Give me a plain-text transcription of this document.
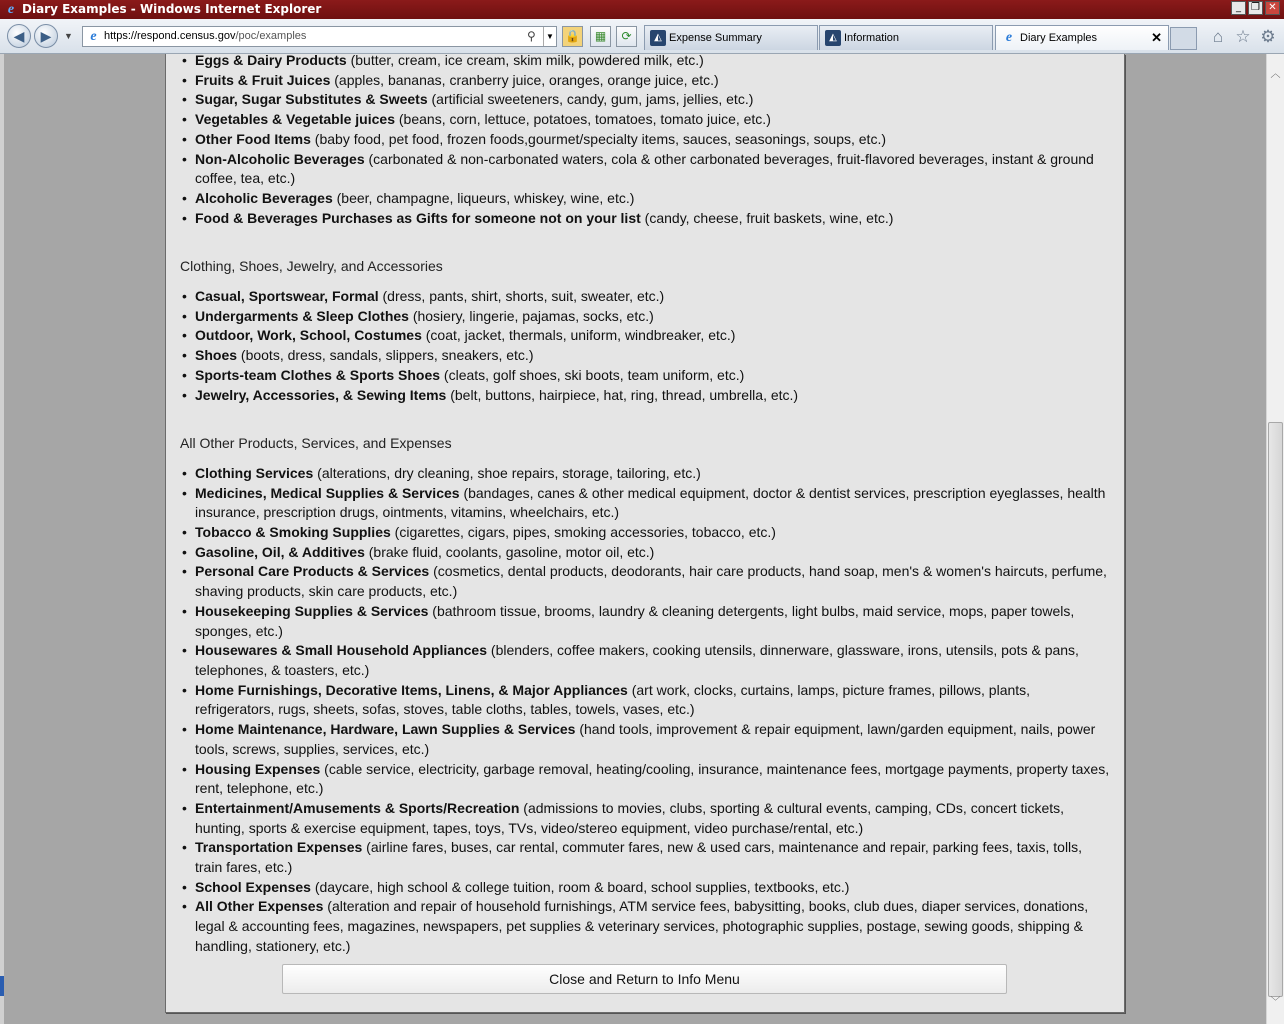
e Diary Examples - Windows Internet Explorer	_	❐ ✕
◀	▶	▼	e https://respond.census.gov/poc/examples	⚲	▼ 🔒	▦	⟳	◭ Expense Summary	◭ Information	e Diary Examples	✕	⌂ ☆ ⚙
• Eggs & Dairy Products (butter, cream, ice cream, skim milk, powdered milk, etc.)
• Fruits & Fruit Juices (apples, bananas, cranberry juice, oranges, orange juice, etc.)
• Sugar, Sugar Substitutes & Sweets (artificial sweeteners, candy, gum, jams, jellies, etc.)
• Vegetables & Vegetable juices (beans, corn, lettuce, potatoes, tomatoes, tomato juice, etc.)
• Other Food Items (baby food, pet food, frozen foods,gourmet/specialty items, sauces, seasonings, soups, etc.)
• Non-Alcoholic Beverages (carbonated & non-carbonated waters, cola & other carbonated beverages, fruit-flavored beverages, instant & ground coffee, tea, etc.)
• Alcoholic Beverages (beer, champagne, liqueurs, whiskey, wine, etc.)
• Food & Beverages Purchases as Gifts for someone not on your list (candy, cheese, fruit baskets, wine, etc.)
Clothing, Shoes, Jewelry, and Accessories
• Casual, Sportswear, Formal (dress, pants, shirt, shorts, suit, sweater, etc.)
• Undergarments & Sleep Clothes (hosiery, lingerie, pajamas, socks, etc.)
• Outdoor, Work, School, Costumes (coat, jacket, thermals, uniform, windbreaker, etc.)
• Shoes (boots, dress, sandals, slippers, sneakers, etc.)
• Sports-team Clothes & Sports Shoes (cleats, golf shoes, ski boots, team uniform, etc.)
• Jewelry, Accessories, & Sewing Items (belt, buttons, hairpiece, hat, ring, thread, umbrella, etc.)
All Other Products, Services, and Expenses
• Clothing Services (alterations, dry cleaning, shoe repairs, storage, tailoring, etc.)
• Medicines, Medical Supplies & Services (bandages, canes & other medical equipment, doctor & dentist services, prescription eyeglasses, health insurance, prescription drugs, ointments, vitamins, wheelchairs, etc.)
• Tobacco & Smoking Supplies (cigarettes, cigars, pipes, smoking accessories, tobacco, etc.)
• Gasoline, Oil, & Additives (brake fluid, coolants, gasoline, motor oil, etc.)
• Personal Care Products & Services (cosmetics, dental products, deodorants, hair care products, hand soap, men's & women's haircuts, perfume, shaving products, skin care products, etc.)
• Housekeeping Supplies & Services (bathroom tissue, brooms, laundry & cleaning detergents, light bulbs, maid service, mops, paper towels, sponges, etc.)
• Housewares & Small Household Appliances (blenders, coffee makers, cooking utensils, dinnerware, glassware, irons, utensils, pots & pans, telephones, & toasters, etc.)
• Home Furnishings, Decorative Items, Linens, & Major Appliances (art work, clocks, curtains, lamps, picture frames, pillows, plants, refrigerators, rugs, sheets, sofas, stoves, table cloths, tables, towels, vases, etc.)
• Home Maintenance, Hardware, Lawn Supplies & Services (hand tools, improvement & repair equipment, lawn/garden equipment, nails, power tools, screws, supplies, services, etc.)
• Housing Expenses (cable service, electricity, garbage removal, heating/cooling, insurance, maintenance fees, mortgage payments, property taxes, rent, telephone, etc.)
• Entertainment/Amusements & Sports/Recreation (admissions to movies, clubs, sporting & cultural events, camping, CDs, concert tickets, hunting, sports & exercise equipment, tapes, toys, TVs, video/stereo equipment, video purchase/rental, etc.)
• Transportation Expenses (airline fares, buses, car rental, commuter fares, new & used cars, maintenance and repair, parking fees, taxis, tolls, train fares, etc.)
• School Expenses (daycare, high school & college tuition, room & board, school supplies, textbooks, etc.)
• All Other Expenses (alteration and repair of household furnishings, ATM service fees, babysitting, books, club dues, diaper services, donations, legal & accounting fees, magazines, newspapers, pet supplies & veterinary services, photographic supplies, postage, sewing goods, shipping & handling, stationery, etc.)
Close and Return to Info Menu
︿
﹀
